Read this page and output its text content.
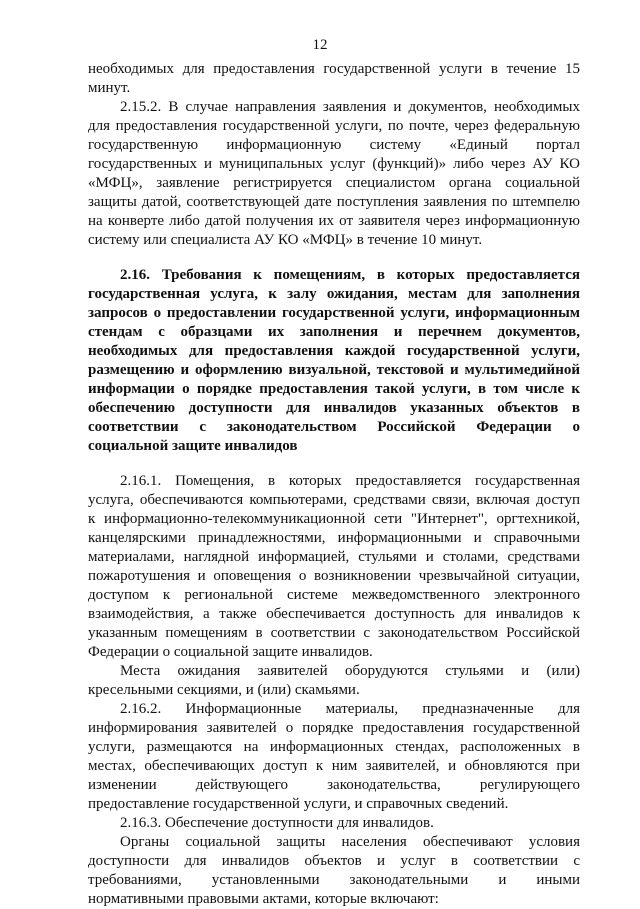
12
необходимых для предоставления государственной услуги в течение 15
минут.
2.15.2. В случае направления заявления и документов, необходимых
для предоставления государственной услуги, по почте, через федеральную
государственную информационную систему «Единый портал
государственных и муниципальных услуг (функций)» либо через АУ КО
«МФЦ», заявление регистрируется специалистом органа социальной
защиты датой, соответствующей дате поступления заявления по штемпелю
на конверте либо датой получения их от заявителя через информационную
систему или специалиста АУ КО «МФЦ» в течение 10 минут.
2.16. Требования к помещениям, в которых предоставляется
государственная услуга, к залу ожидания, местам для заполнения
запросов о предоставлении государственной услуги, информационным
стендам с образцами их заполнения и перечнем документов,
необходимых для предоставления каждой государственной услуги,
размещению и оформлению визуальной, текстовой и мультимедийной
информации о порядке предоставления такой услуги, в том числе к
обеспечению доступности для инвалидов указанных объектов в
соответствии с законодательством Российской Федерации о
социальной защите инвалидов
2.16.1. Помещения, в которых предоставляется государственная
услуга, обеспечиваются компьютерами, средствами связи, включая доступ
к информационно-телекоммуникационной сети "Интернет", оргтехникой,
канцелярскими принадлежностями, информационными и справочными
материалами, наглядной информацией, стульями и столами, средствами
пожаротушения и оповещения о возникновении чрезвычайной ситуации,
доступом к региональной системе межведомственного электронного
взаимодействия, а также обеспечивается доступность для инвалидов к
указанным помещениям в соответствии с законодательством Российской
Федерации о социальной защите инвалидов.
Места ожидания заявителей оборудуются стульями и (или)
кресельными секциями, и (или) скамьями.
2.16.2. Информационные материалы, предназначенные для
информирования заявителей о порядке предоставления государственной
услуги, размещаются на информационных стендах, расположенных в
местах, обеспечивающих доступ к ним заявителей, и обновляются при
изменении действующего законодательства, регулирующего
предоставление государственной услуги, и справочных сведений.
2.16.3. Обеспечение доступности для инвалидов.
Органы социальной защиты населения обеспечивают условия
доступности для инвалидов объектов и услуг в соответствии с
требованиями, установленными законодательными и иными
нормативными правовыми актами, которые включают:
